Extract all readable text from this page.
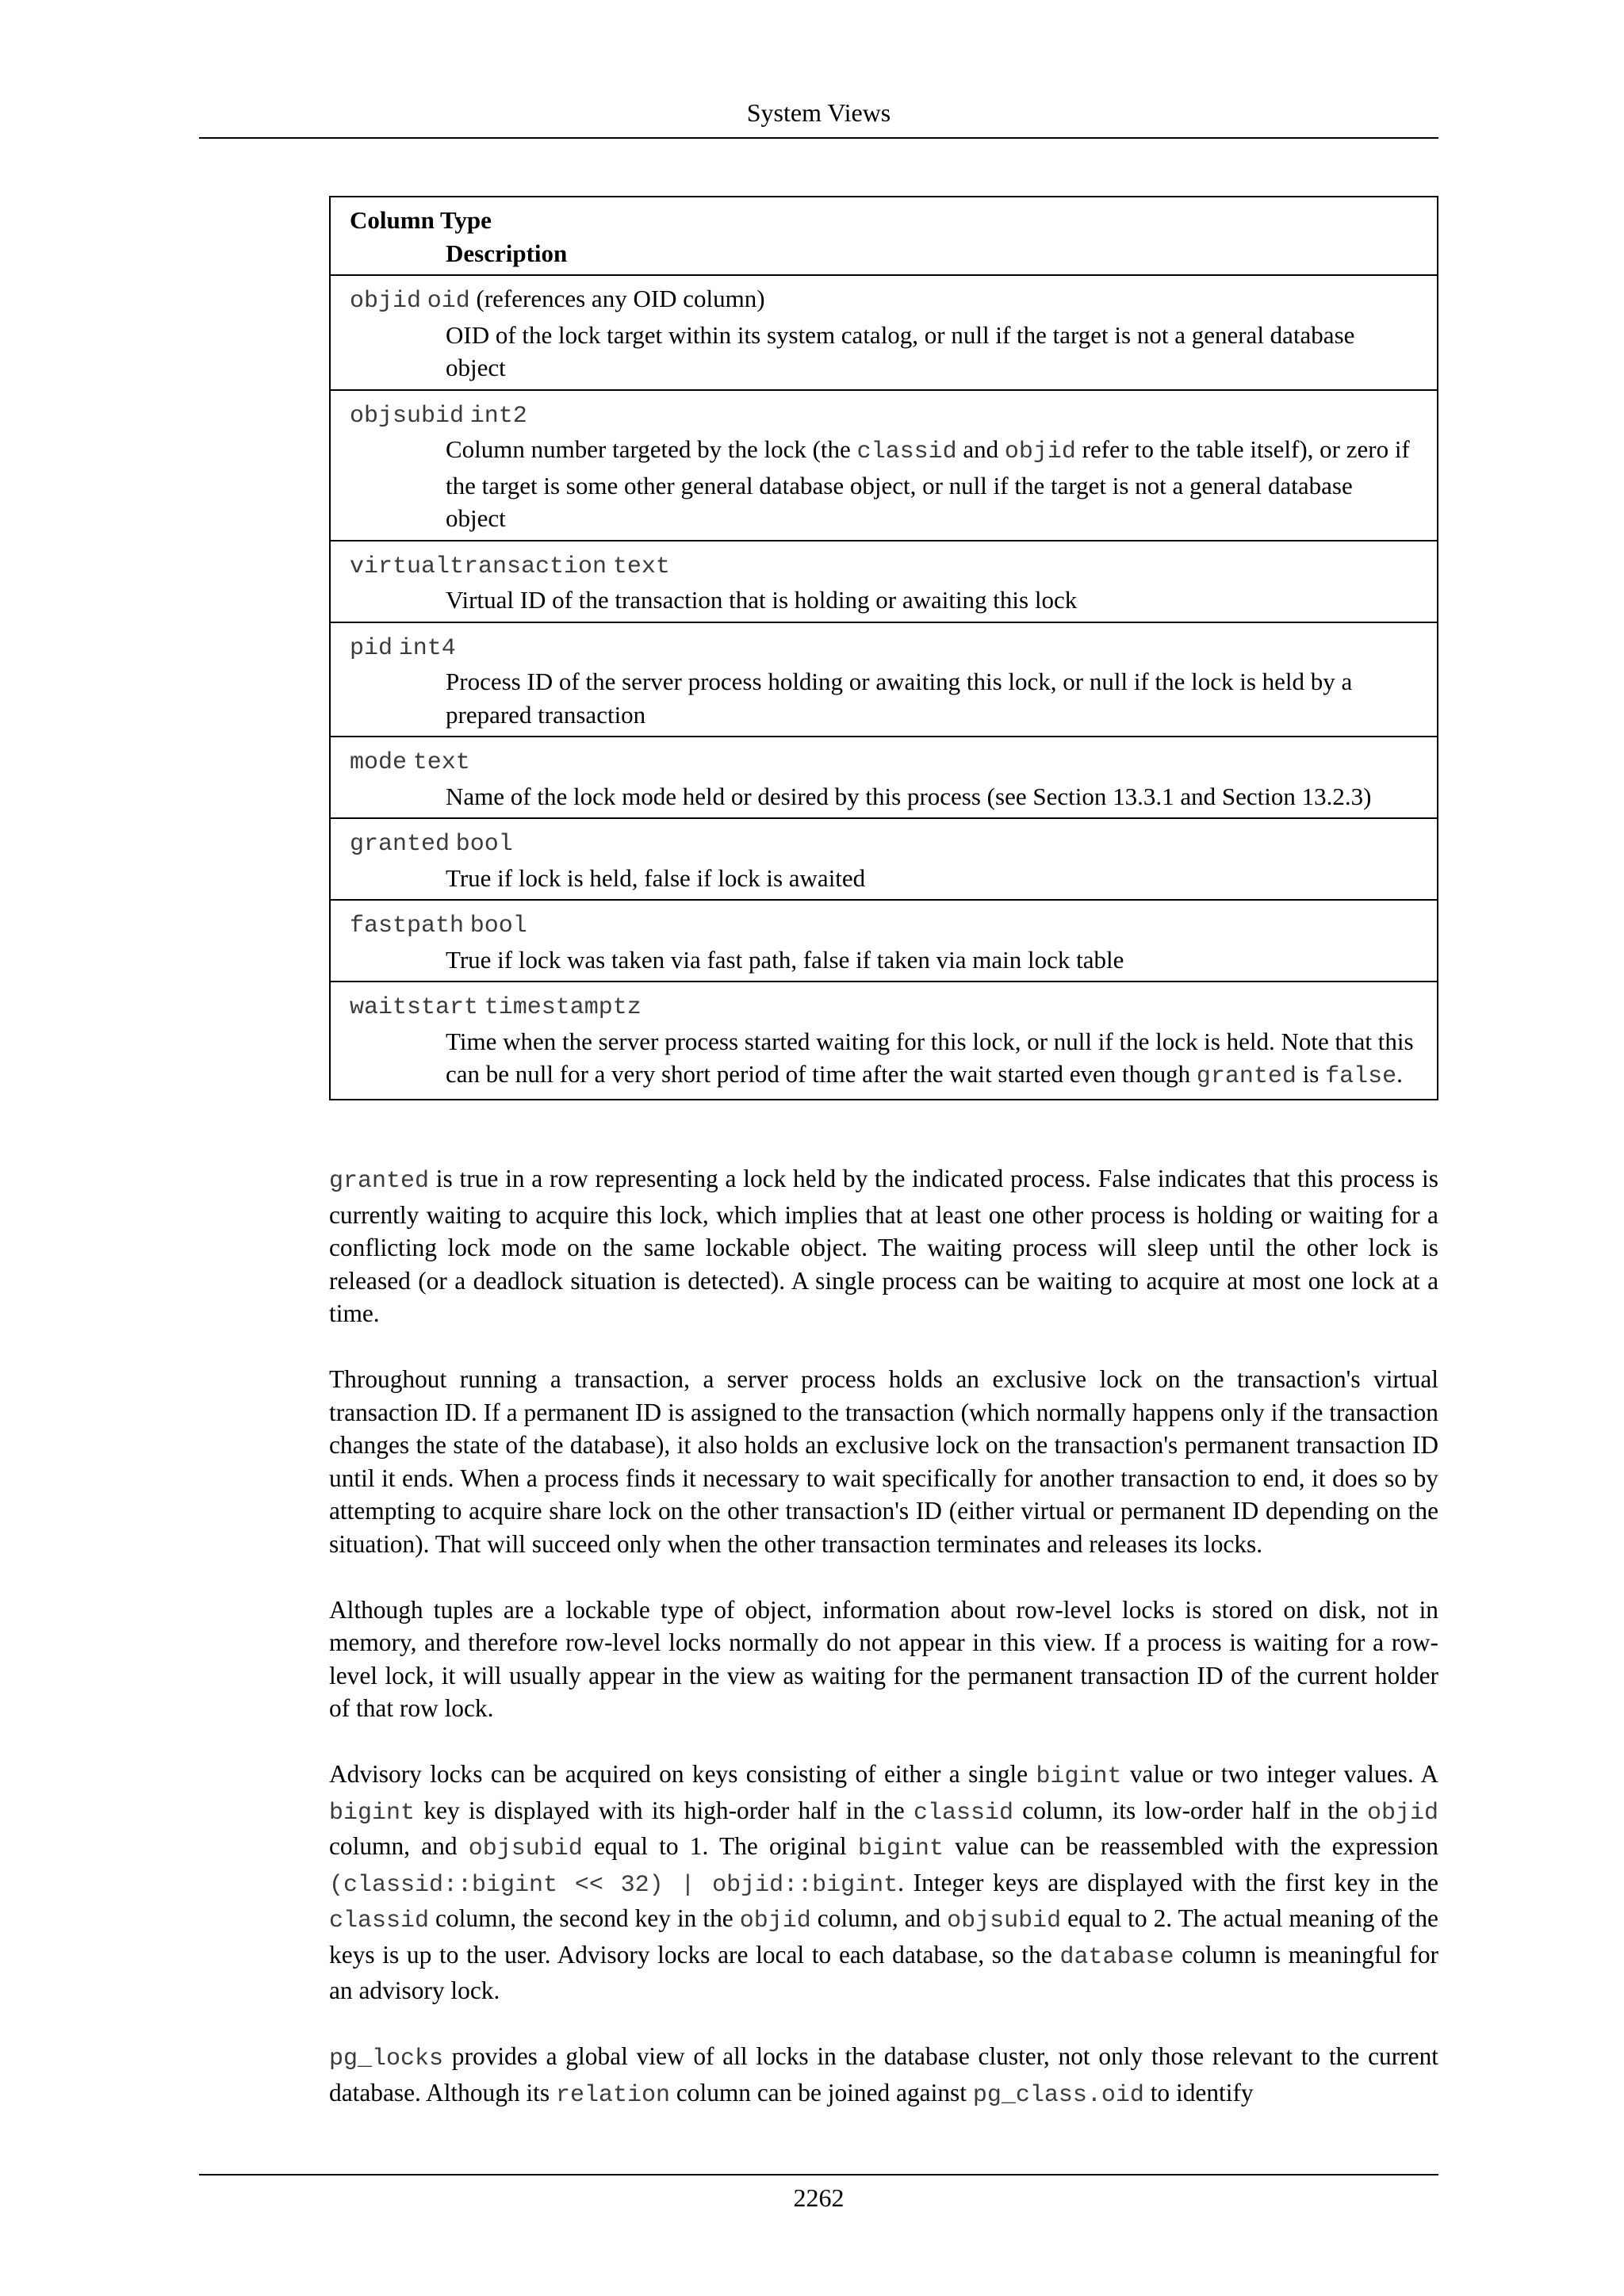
System Views
Column Type
Description
objid oid (references any OID column)
OID of the lock target within its system catalog, or null if the target is not a general database object
objsubid int2
Column number targeted by the lock (the classid and objid refer to the table itself), or zero if the target is some other general database object, or null if the target is not a general database object
virtualtransaction text
Virtual ID of the transaction that is holding or awaiting this lock
pid int4
Process ID of the server process holding or awaiting this lock, or null if the lock is held by a prepared transaction
mode text
Name of the lock mode held or desired by this process (see Section 13.3.1 and Section 13.2.3)
granted bool
True if lock is held, false if lock is awaited
fastpath bool
True if lock was taken via fast path, false if taken via main lock table
waitstart timestamptz
Time when the server process started waiting for this lock, or null if the lock is held. Note that this can be null for a very short period of time after the wait started even though granted is false.

granted is true in a row representing a lock held by the indicated process. False indicates that this process is currently waiting to acquire this lock, which implies that at least one other process is holding or waiting for a conflicting lock mode on the same lockable object. The waiting process will sleep until the other lock is released (or a deadlock situation is detected). A single process can be waiting to acquire at most one lock at a time.

Throughout running a transaction, a server process holds an exclusive lock on the transaction's virtual transaction ID. If a permanent ID is assigned to the transaction (which normally happens only if the transaction changes the state of the database), it also holds an exclusive lock on the transaction's permanent transaction ID until it ends. When a process finds it necessary to wait specifically for another transaction to end, it does so by attempting to acquire share lock on the other transaction's ID (either virtual or permanent ID depending on the situation). That will succeed only when the other transaction terminates and releases its locks.

Although tuples are a lockable type of object, information about row-level locks is stored on disk, not in memory, and therefore row-level locks normally do not appear in this view. If a process is waiting for a row-level lock, it will usually appear in the view as waiting for the permanent transaction ID of the current holder of that row lock.

Advisory locks can be acquired on keys consisting of either a single bigint value or two integer values. A bigint key is displayed with its high-order half in the classid column, its low-order half in the objid column, and objsubid equal to 1. The original bigint value can be reassembled with the expression (classid::bigint << 32) | objid::bigint. Integer keys are displayed with the first key in the classid column, the second key in the objid column, and objsubid equal to 2. The actual meaning of the keys is up to the user. Advisory locks are local to each database, so the database column is meaningful for an advisory lock.

pg_locks provides a global view of all locks in the database cluster, not only those relevant to the current database. Although its relation column can be joined against pg_class.oid to identify

2262
